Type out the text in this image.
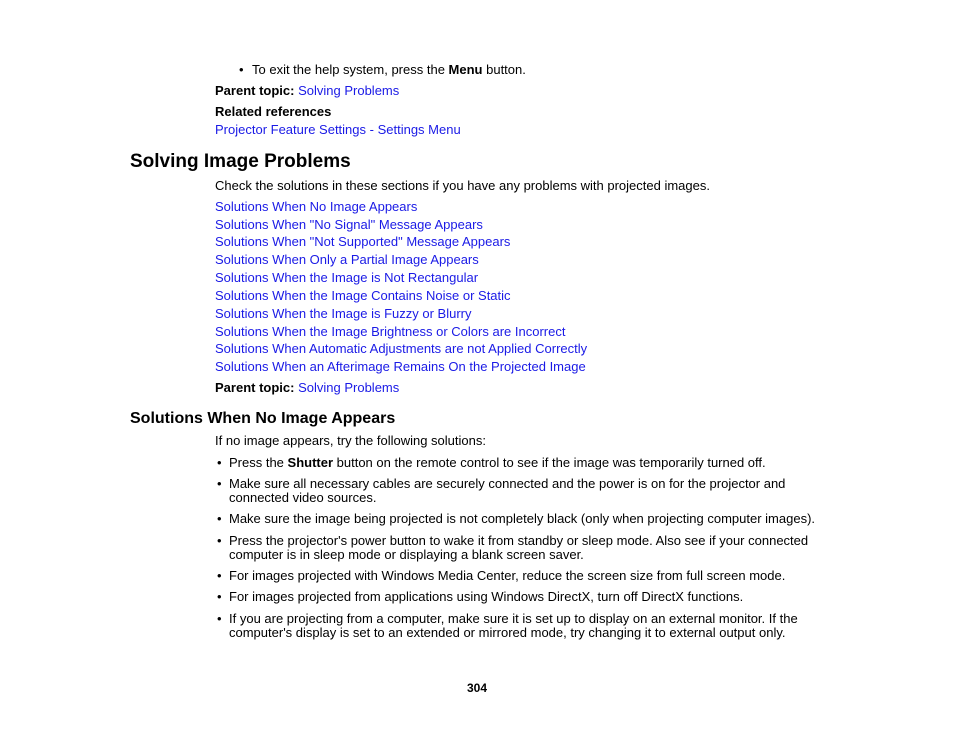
• To exit the help system, press the Menu button.
Parent topic: Solving Problems
Related references
Projector Feature Settings - Settings Menu
Solving Image Problems
Check the solutions in these sections if you have any problems with projected images.
Solutions When No Image Appears
Solutions When "No Signal" Message Appears
Solutions When "Not Supported" Message Appears
Solutions When Only a Partial Image Appears
Solutions When the Image is Not Rectangular
Solutions When the Image Contains Noise or Static
Solutions When the Image is Fuzzy or Blurry
Solutions When the Image Brightness or Colors are Incorrect
Solutions When Automatic Adjustments are not Applied Correctly
Solutions When an Afterimage Remains On the Projected Image
Parent topic: Solving Problems
Solutions When No Image Appears
If no image appears, try the following solutions:
• Press the Shutter button on the remote control to see if the image was temporarily turned off.
• Make sure all necessary cables are securely connected and the power is on for the projector and
connected video sources.
• Make sure the image being projected is not completely black (only when projecting computer images).
• Press the projector's power button to wake it from standby or sleep mode. Also see if your connected
computer is in sleep mode or displaying a blank screen saver.
• For images projected with Windows Media Center, reduce the screen size from full screen mode.
• For images projected from applications using Windows DirectX, turn off DirectX functions.
• If you are projecting from a computer, make sure it is set up to display on an external monitor. If the
computer's display is set to an extended or mirrored mode, try changing it to external output only.
304
